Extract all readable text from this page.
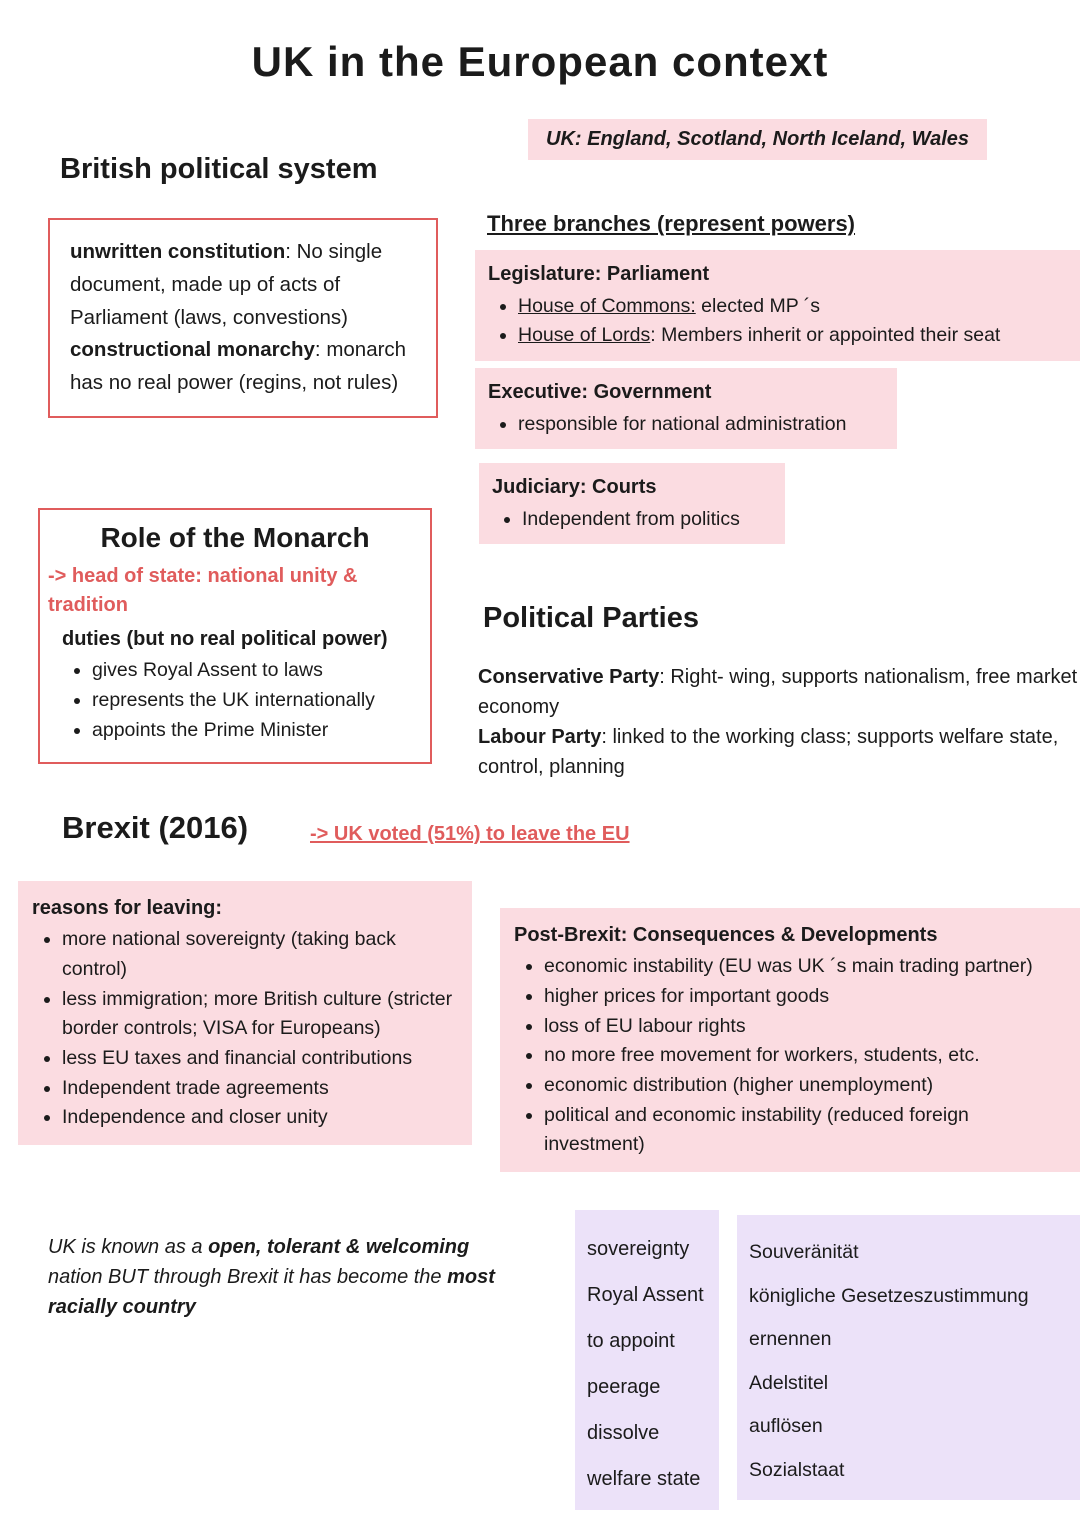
UK in the European context
UK: England, Scotland, North Iceland, Wales
British political system

unwritten constitution: No single document, made up of acts of Parliament (laws, convestions)

constructional monarchy: monarch has no real power (regins, not rules)

Three branches (represent powers)
Legislature: Parliament
• House of Commons: elected MP ´s
• House of Lords: Members inherit or appointed their seat
Executive: Government
• responsible for national administration
Judiciary: Courts
• Independent from politics
Role of the Monarch

-> head of state: national unity & tradition

duties (but no real political power)
• gives Royal Assent to laws
• represents the UK internationally
• appoints the Prime Minister
Political Parties

Conservative Party: Right- wing, supports nationalism, free market economy

Labour Party: linked to the working class; supports welfare state, control, planning

Brexit (2016)	-> UK voted (51%) to leave the EU
reasons for leaving:
• more national sovereignty (taking back control)
• less immigration; more British culture (stricter border controls; VISA for Europeans)
• less EU taxes and financial contributions
• Independent trade agreements
• Independence and closer unity
Post-Brexit: Consequences & Developments
• economic instability (EU was UK ´s main trading partner)
• higher prices for important goods
• loss of EU labour rights
• no more free movement for workers, students, etc.
• economic distribution (higher unemployment)
• political and economic instability (reduced foreign investment)

UK is known as a open, tolerant & welcoming nation BUT through Brexit it has become the most racially country

sovereignty
Royal Assent
to appoint
peerage
dissolve
welfare state
Souveränität
königliche Gesetzeszustimmung
ernennen
Adelstitel
auflösen
Sozialstaat
